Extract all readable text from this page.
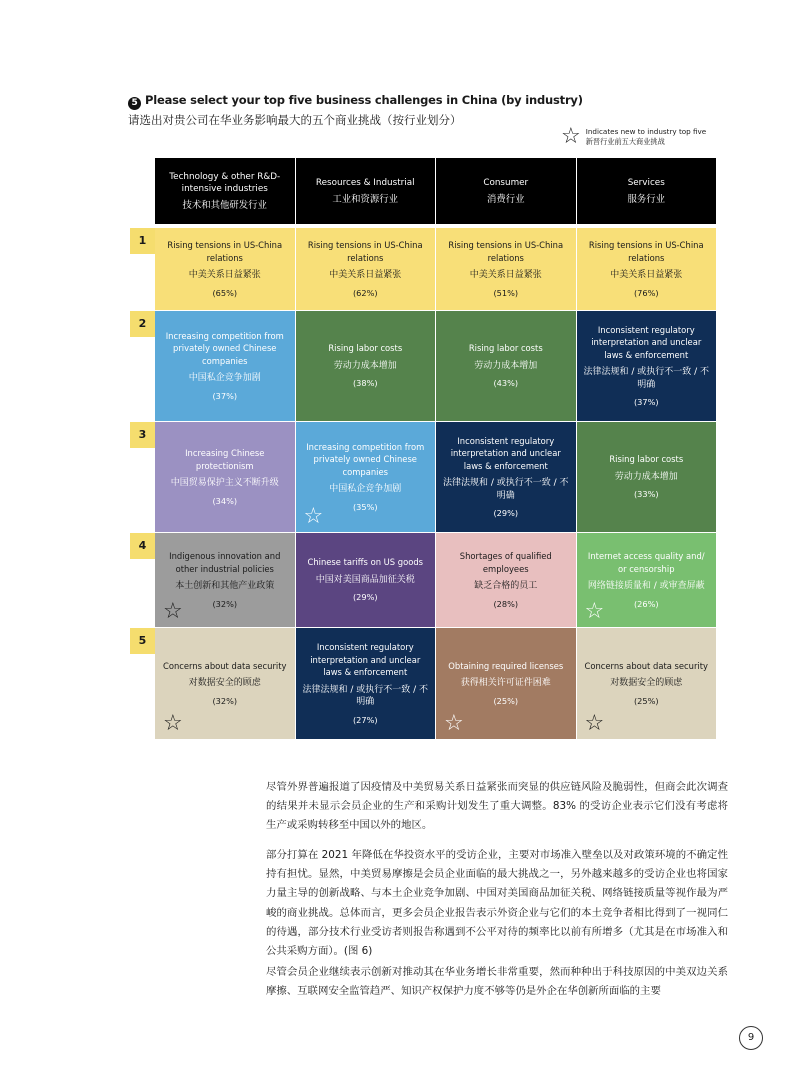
5 Please select your top five business challenges in China (by industry)
请选出对贵公司在华业务影响最大的五个商业挑战（按行业划分）
☆ Indicates new to industry top five
新晋行业前五大商业挑战
Technology & other R&D-intensive industries
技术和其他研发行业
Resources & Industrial
工业和资源行业
Consumer
消费行业
Services
服务行业
1	Rising tensions in US-China relations
中美关系日益紧张
(65%)
Rising tensions in US-China relations
中美关系日益紧张
(62%)
Rising tensions in US-China relations
中美关系日益紧张
(51%)
Rising tensions in US-China relations
中美关系日益紧张
(76%)
2
Increasing competition from privately owned Chinese companies
中国私企竞争加剧
(37%)
Rising labor costs
劳动力成本增加
(38%)
Rising labor costs
劳动力成本增加
(43%)
Inconsistent regulatory interpretation and unclear laws & enforcement
法律法规和 / 或执行不一致 / 不明确
(37%)
3
Increasing Chinese protectionism
中国贸易保护主义不断升级
(34%)
Increasing competition from privately owned Chinese companies
中国私企竞争加剧
(35%)
☆
Inconsistent regulatory interpretation and unclear laws & enforcement
法律法规和 / 或执行不一致 / 不明确
(29%)
Rising labor costs
劳动力成本增加
(33%)
4
Indigenous innovation and other industrial policies
本土创新和其他产业政策
(32%)
☆
Chinese tariffs on US goods
中国对美国商品加征关税
(29%)
Shortages of qualified employees
缺乏合格的员工
(28%)
Internet access quality and/ or censorship
网络链接质量和 / 或审查屏蔽
(26%)
☆
5
Concerns about data security
对数据安全的顾虑
(32%)
☆
Inconsistent regulatory interpretation and unclear laws & enforcement
法律法规和 / 或执行不一致 / 不明确
(27%)
Obtaining required licenses
获得相关许可证件困难
(25%)
☆
Concerns about data security
对数据安全的顾虑
(25%)
☆
尽管外界普遍报道了因疫情及中美贸易关系日益紧张而突显的供应链风险及脆弱性，但商会此次调查的结果并未显示会员企业的生产和采购计划发生了重大调整。83% 的受访企业表示它们没有考虑将生产或采购转移至中国以外的地区。
部分打算在 2021 年降低在华投资水平的受访企业，主要对市场准入壁垒以及对政策环境的不确定性持有担忧。显然，中美贸易摩擦是会员企业面临的最大挑战之一，另外越来越多的受访企业也将国家力量主导的创新战略、与本土企业竞争加剧、中国对美国商品加征关税、网络链接质量等视作最为严峻的商业挑战。总体而言，更多会员企业报告表示外资企业与它们的本土竞争者相比得到了一视同仁的待遇，部分技术行业受访者则报告称遇到不公平对待的频率比以前有所增多（尤其是在市场准入和公共采购方面）。(图 6)
尽管会员企业继续表示创新对推动其在华业务增长非常重要，然而种种出于科技原因的中美双边关系摩擦、互联网安全监管趋严、知识产权保护力度不够等仍是外企在华创新所面临的主要
9
